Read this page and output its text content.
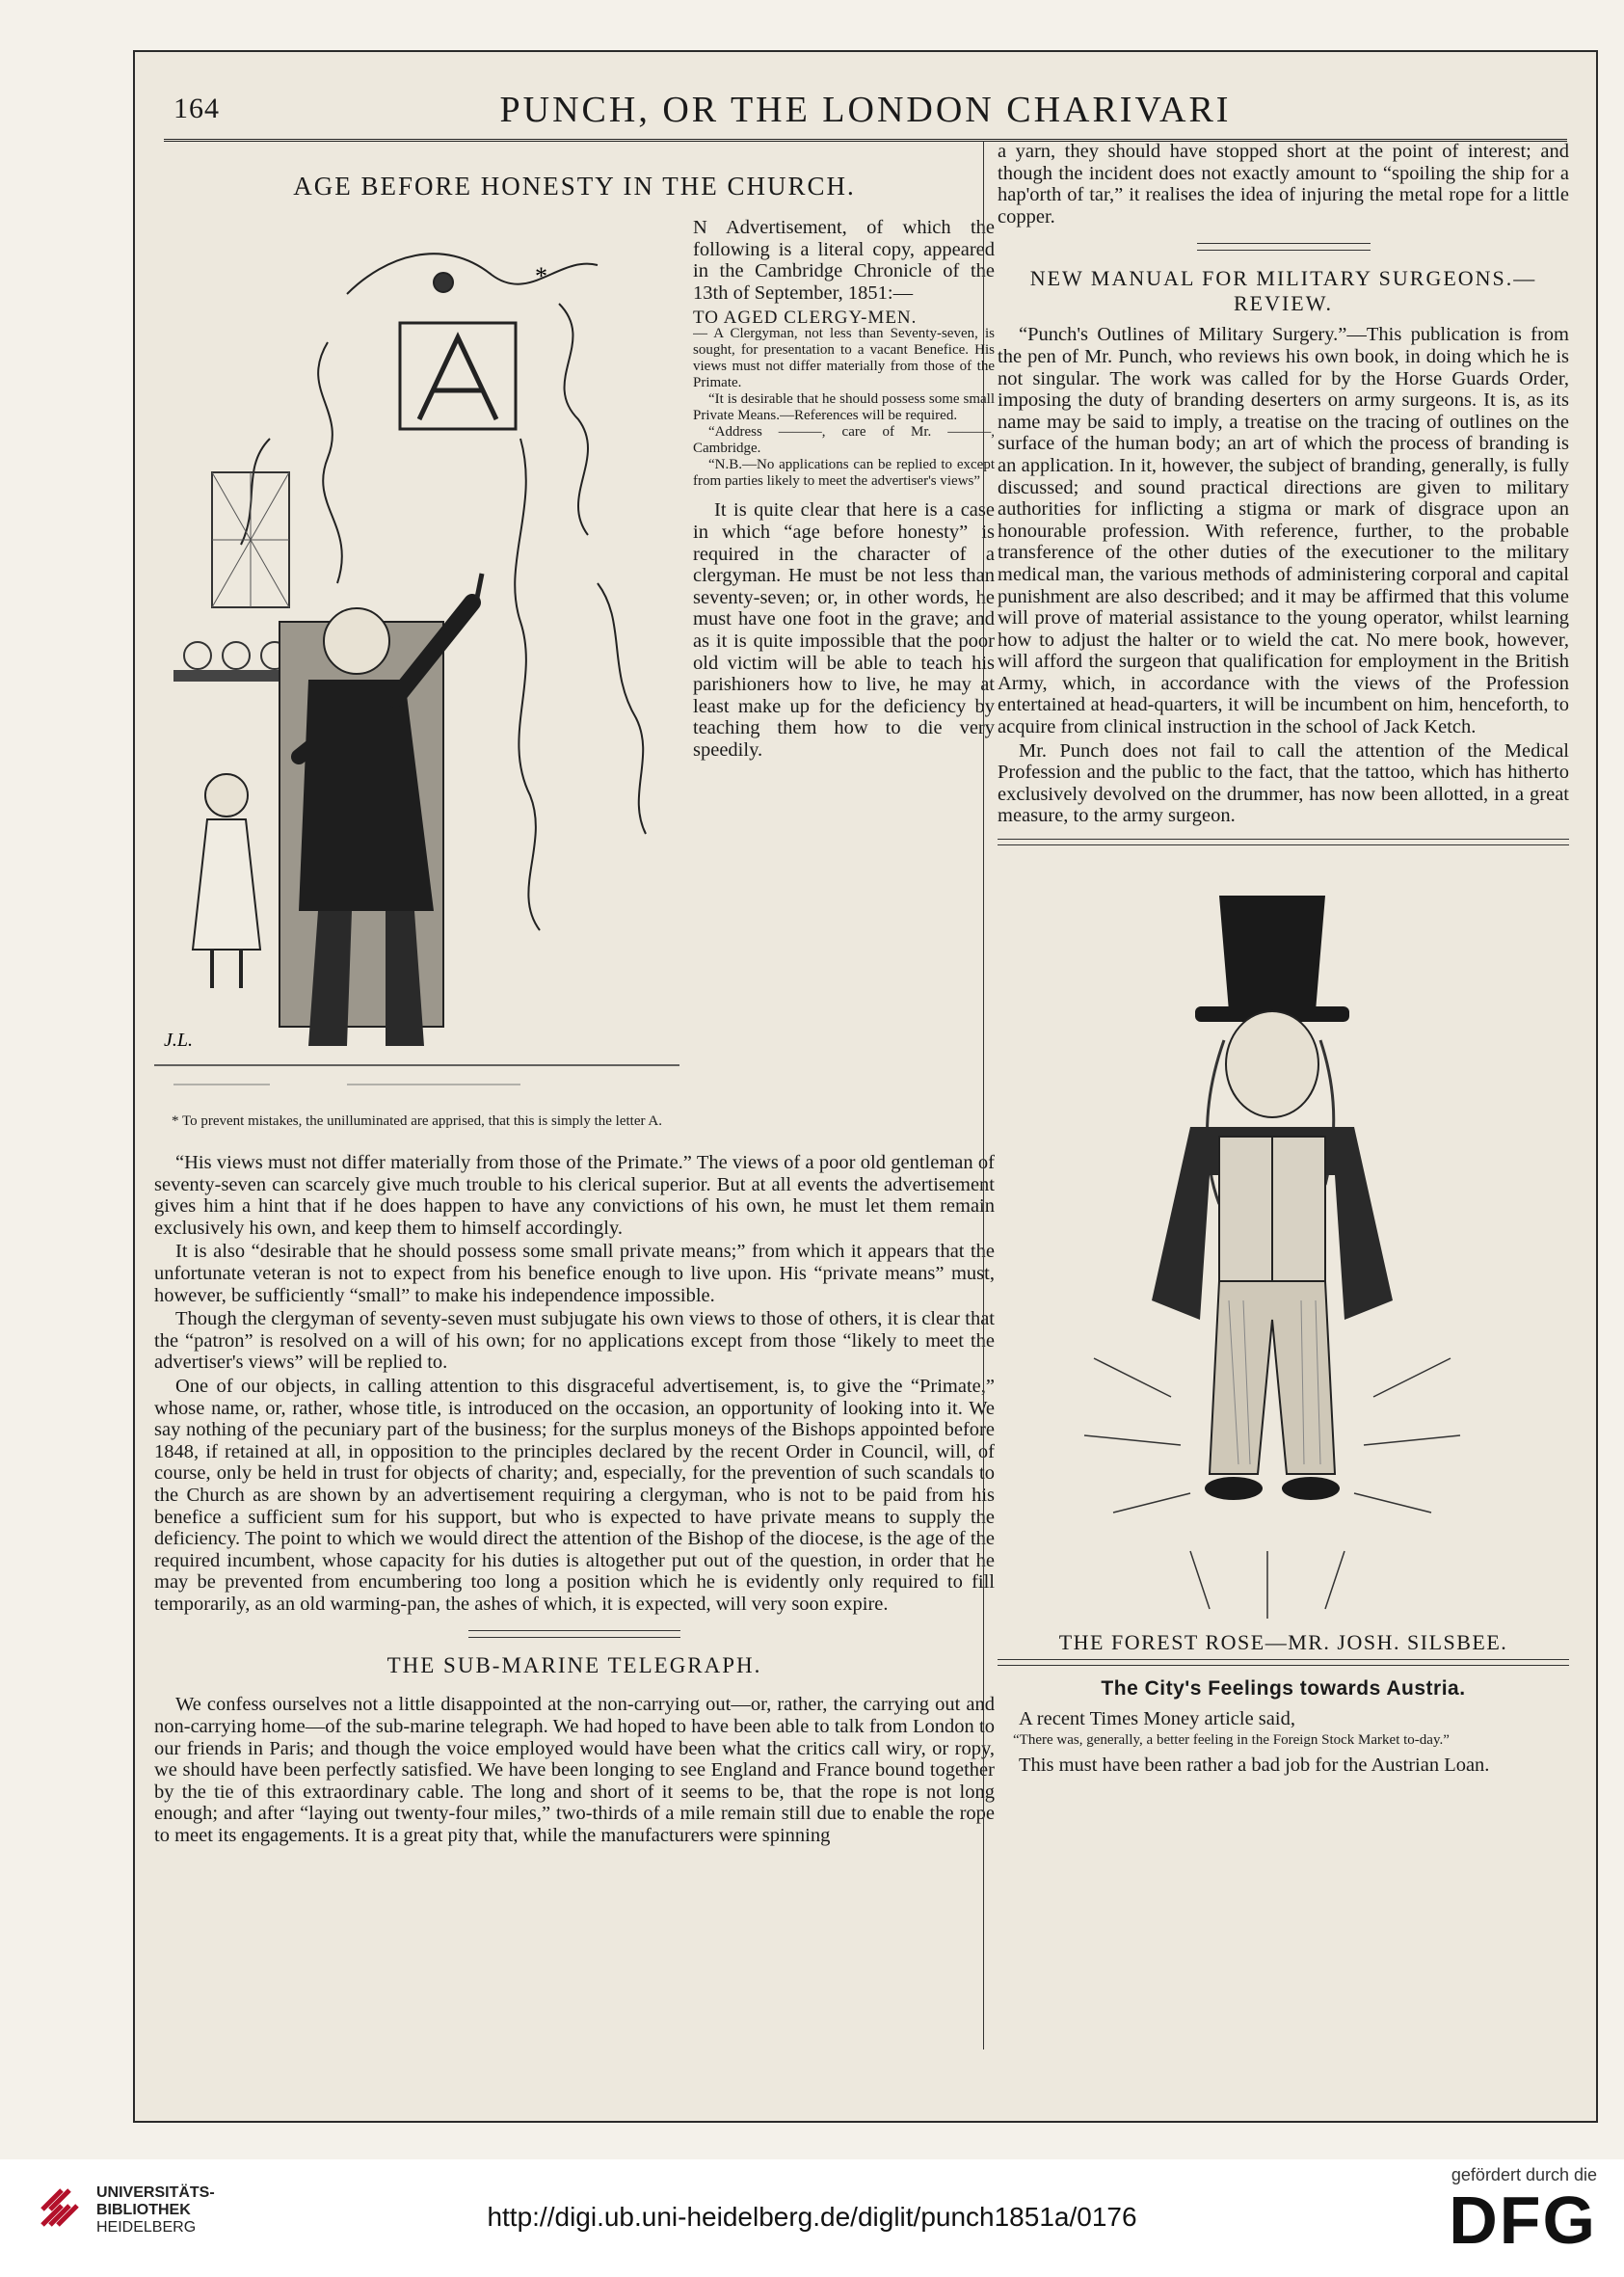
164	PUNCH, OR THE LONDON CHARIVARI
AGE BEFORE HONESTY IN THE CHURCH.
*
J.L.
* To prevent mistakes, the unilluminated are apprised, that this is simply the letter A.

N Advertisement, of which the following is a literal copy, appeared in the Cambridge Chronicle of the 13th of September, 1851:—

TO AGED CLERGY-MEN.
— A Clergyman, not less than Seventy-seven, is sought, for presentation to a vacant Benefice. His views must not differ materially from those of the Primate.
“It is desirable that he should possess some small Private Means.—References will be required.
“Address ———, care of Mr. ———, Cambridge.
“N.B.—No applications can be replied to except from parties likely to meet the advertiser's views”

It is quite clear that here is a case in which “age before honesty” is required in the character of a clergyman. He must be not less than seventy-seven; or, in other words, he must have one foot in the grave; and as it is quite impossible that the poor old victim will be able to teach his parishioners how to live, he may at least make up for the deficiency by teaching them how to die very speedily.

“His views must not differ materially from those of the Primate.” The views of a poor old gentleman of seventy-seven can scarcely give much trouble to his clerical superior. But at all events the advertisement gives him a hint that if he does happen to have any convictions of his own, he must let them remain exclusively his own, and keep them to himself accordingly.

It is also “desirable that he should possess some small private means;” from which it appears that the unfortunate veteran is not to expect from his benefice enough to live upon. His “private means” must, however, be sufficiently “small” to make his independence impossible.

Though the clergyman of seventy-seven must subjugate his own views to those of others, it is clear that the “patron” is resolved on a will of his own; for no applications except from those “likely to meet the advertiser's views” will be replied to.

One of our objects, in calling attention to this disgraceful advertisement, is, to give the “Primate,” whose name, or, rather, whose title, is introduced on the occasion, an opportunity of looking into it. We say nothing of the pecuniary part of the business; for the surplus moneys of the Bishops appointed before 1848, if retained at all, in opposition to the principles declared by the recent Order in Council, will, of course, only be held in trust for objects of charity; and, especially, for the prevention of such scandals to the Church as are shown by an advertisement requiring a clergyman, who is not to be paid from his benefice a sufficient sum for his support, but who is expected to have private means to supply the deficiency. The point to which we would direct the attention of the Bishop of the diocese, is the age of the required incumbent, whose capacity for his duties is altogether put out of the question, in order that he may be prevented from encumbering too long a position which he is evidently only required to fill temporarily, as an old warming-pan, the ashes of which, it is expected, will very soon expire.

THE SUB-MARINE TELEGRAPH.

We confess ourselves not a little disappointed at the non-carrying out—or, rather, the carrying out and non-carrying home—of the sub-marine telegraph. We had hoped to have been able to talk from London to our friends in Paris; and though the voice employed would have been what the critics call wiry, or ropy, we should have been perfectly satisfied. We have been longing to see England and France bound together by the tie of this extraordinary cable. The long and short of it seems to be, that the rope is not long enough; and after “laying out twenty-four miles,” two-thirds of a mile remain still due to enable the rope to meet its engagements. It is a great pity that, while the manufacturers were spinning

a yarn, they should have stopped short at the point of interest; and though the incident does not exactly amount to “spoiling the ship for a hap'orth of tar,” it realises the idea of injuring the metal rope for a little copper.

NEW MANUAL FOR MILITARY SURGEONS.—REVIEW.

“Punch's Outlines of Military Surgery.”—This publication is from the pen of Mr. Punch, who reviews his own book, in doing which he is not singular. The work was called for by the Horse Guards Order, imposing the duty of branding deserters on army surgeons. It is, as its name may be said to imply, a treatise on the tracing of outlines on the surface of the human body; an art of which the process of branding is an application. In it, however, the subject of branding, generally, is fully discussed; and sound practical directions are given to military authorities for inflicting a stigma or mark of disgrace upon an honourable profession. With reference, further, to the probable transference of the other duties of the executioner to the military medical man, the various methods of administering corporal and capital punishment are also described; and it may be affirmed that this volume will prove of material assistance to the young operator, whilst learning how to adjust the halter or to wield the cat. No mere book, however, will afford the surgeon that qualification for employment in the British Army, which, in accordance with the views of the Profession entertained at head-quarters, it will be incumbent on him, henceforth, to acquire from clinical instruction in the school of Jack Ketch.

Mr. Punch does not fail to call the attention of the Medical Profession and the public to the fact, that the tattoo, which has hitherto exclusively devolved on the drummer, has now been allotted, in a great measure, to the army surgeon.

THE FOREST ROSE—MR. JOSH. SILSBEE.
The City's Feelings towards Austria.

A recent Times Money article said,

“There was, generally, a better feeling in the Foreign Stock Market to-day.”

This must have been rather a bad job for the Austrian Loan.

UNIVERSITÄTS-
BIBLIOTHEK
HEIDELBERG	http://digi.ub.uni-heidelberg.de/diglit/punch1851a/0176
gefördert durch die
DFG
